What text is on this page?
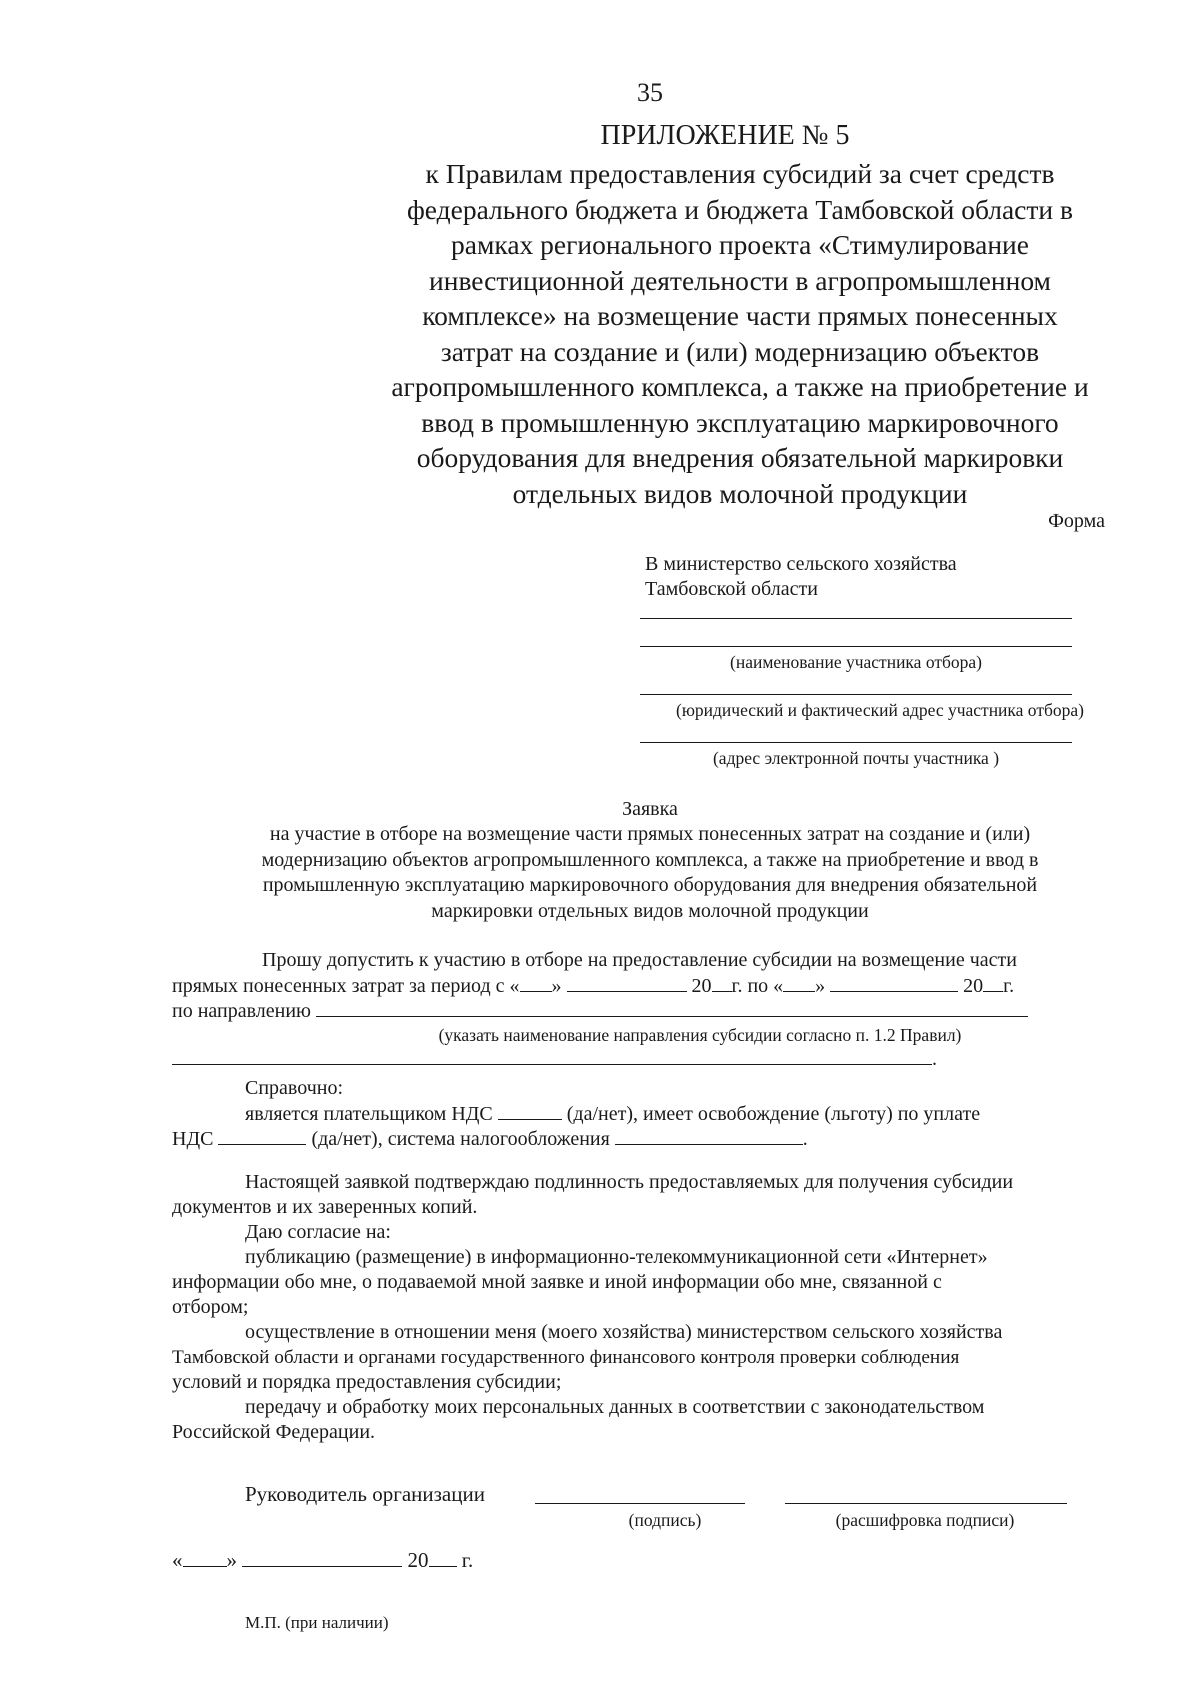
35
ПРИЛОЖЕНИЕ № 5
к Правилам предоставления субсидий за счет средств
федерального бюджета и бюджета Тамбовской области в
рамках регионального проекта «Стимулирование
инвестиционной деятельности в агропромышленном
комплексе» на возмещение части прямых понесенных
затрат на создание и (или) модернизацию объектов
агропромышленного комплекса, а также на приобретение и
ввод в промышленную эксплуатацию маркировочного
оборудования для внедрения обязательной маркировки
отдельных видов молочной продукции
Форма
В министерство сельского хозяйства
Тамбовской области
(наименование участника отбора)
(юридический и фактический адрес участника отбора)
(адрес электронной почты участника )
Заявка
на участие в отборе на возмещение части прямых понесенных затрат на создание и (или)
модернизацию объектов агропромышленного комплекса, а также на приобретение и ввод в
промышленную эксплуатацию маркировочного оборудования для внедрения обязательной
маркировки отдельных видов молочной продукции
Прошу допустить к участию в отборе на предоставление субсидии на возмещение части
прямых понесенных затрат за период с « »	20 г. по « »	20 г.
по направлению
(указать наименование направления субсидии согласно п. 1.2 Правил)
.
Справочно:
является плательщиком НДС	(да/нет), имеет освобождение (льготу) по уплате
НДС	(да/нет), система налогообложения	.
Настоящей заявкой подтверждаю подлинность предоставляемых для получения субсидии
документов и их заверенных копий.
Даю согласие на:
публикацию (размещение) в информационно-телекоммуникационной сети «Интернет»
информации обо мне, о подаваемой мной заявке и иной информации обо мне, связанной с
отбором;
осуществление в отношении меня (моего хозяйства) министерством сельского хозяйства
Тамбовской области и органами государственного финансового контроля проверки соблюдения
условий и порядка предоставления субсидии;
передачу и обработку моих персональных данных в соответствии с законодательством
Российской Федерации.
Руководитель организации
(подпись)	(расшифровка подписи)
« »	20 г.
М.П. (при наличии)
